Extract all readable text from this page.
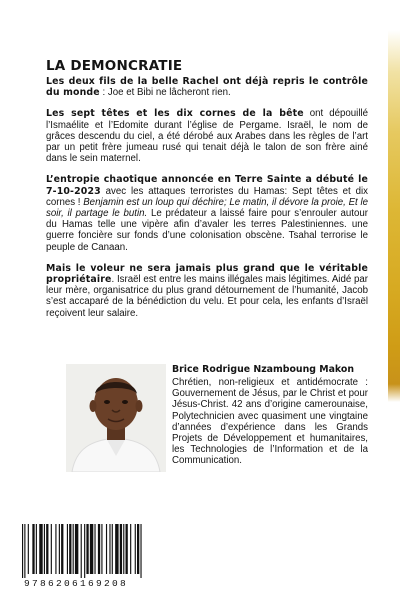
LA DEMONCRATIE

Les deux fils de la belle Rachel ont déjà repris le contrôle du monde : Joe et Bibi ne lâcheront rien.

Les sept têtes et les dix cornes de la bête ont dépouillé l’Ismaélite et l’Edomite durant l’église de Pergame. Israël, le nom de grâces descendu du ciel, a été dérobé aux Arabes dans les règles de l’art par un petit frère jumeau rusé qui tenait déjà le talon de son frère ainé dans le sein maternel.

L’entropie chaotique annoncée en Terre Sainte a débuté le 7-10-2023 avec les attaques terroristes du Hamas: Sept têtes et dix cornes ! Benjamin est un loup qui déchire; Le matin, il dévore la proie, Et le soir, il partage le butin. Le prédateur a laissé faire pour s’enrouler autour du Hamas telle une vipère afin d’avaler les terres Palestiniennes. une guerre foncière sur fonds d’une colonisation obscène. Tsahal terrorise le peuple de Canaan.

Mais le voleur ne sera jamais plus grand que le véritable propriétaire. Israël est entre les mains illégales mais légitimes. Aidé par leur mère, organisatrice du plus grand détournement de l’humanité, Jacob s’est accaparé de la bénédiction du velu. Et pour cela, les enfants d’Israël reçoivent leur salaire.

Brice Rodrigue Nzamboung Makon

Chrétien, non-religieux et antidémocrate : Gouvernement de Jésus, par le Christ et pour Jésus-Christ. 42 ans d’origine camerounaise, Polytechnicien avec quasiment une vingtaine d’années d’expérience dans les Grands Projets de Développement et humanitaires, les Technologies de l’Information et de la Communication.

9786206169208
